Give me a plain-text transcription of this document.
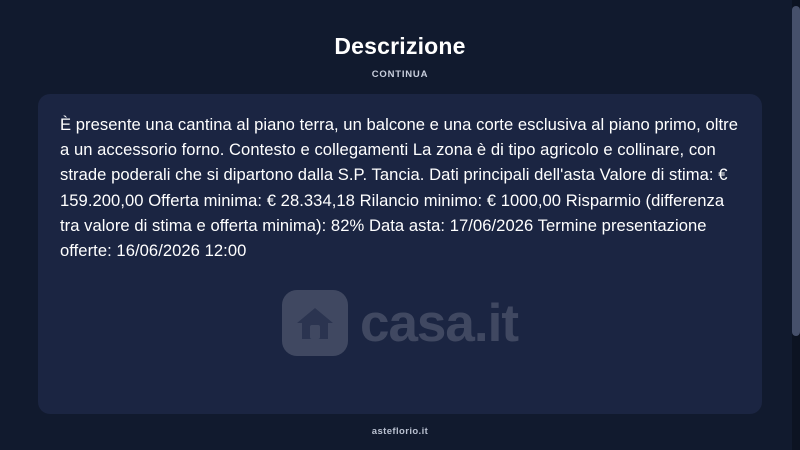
Descrizione
CONTINUA
È presente una cantina al piano terra, un balcone e una corte esclusiva al piano primo, oltre a un accessorio forno. Contesto e collegamenti La zona è di tipo agricolo e collinare, con strade poderali che si dipartono dalla S.P. Tancia. Dati principali dell'asta Valore di stima: € 159.200,00 Offerta minima: € 28.334,18 Rilancio minimo: € 1000,00 Risparmio (differenza tra valore di stima e offerta minima): 82% Data asta: 17/06/2026 Termine presentazione offerte: 16/06/2026 12:00
casa.it
asteflorio.it
